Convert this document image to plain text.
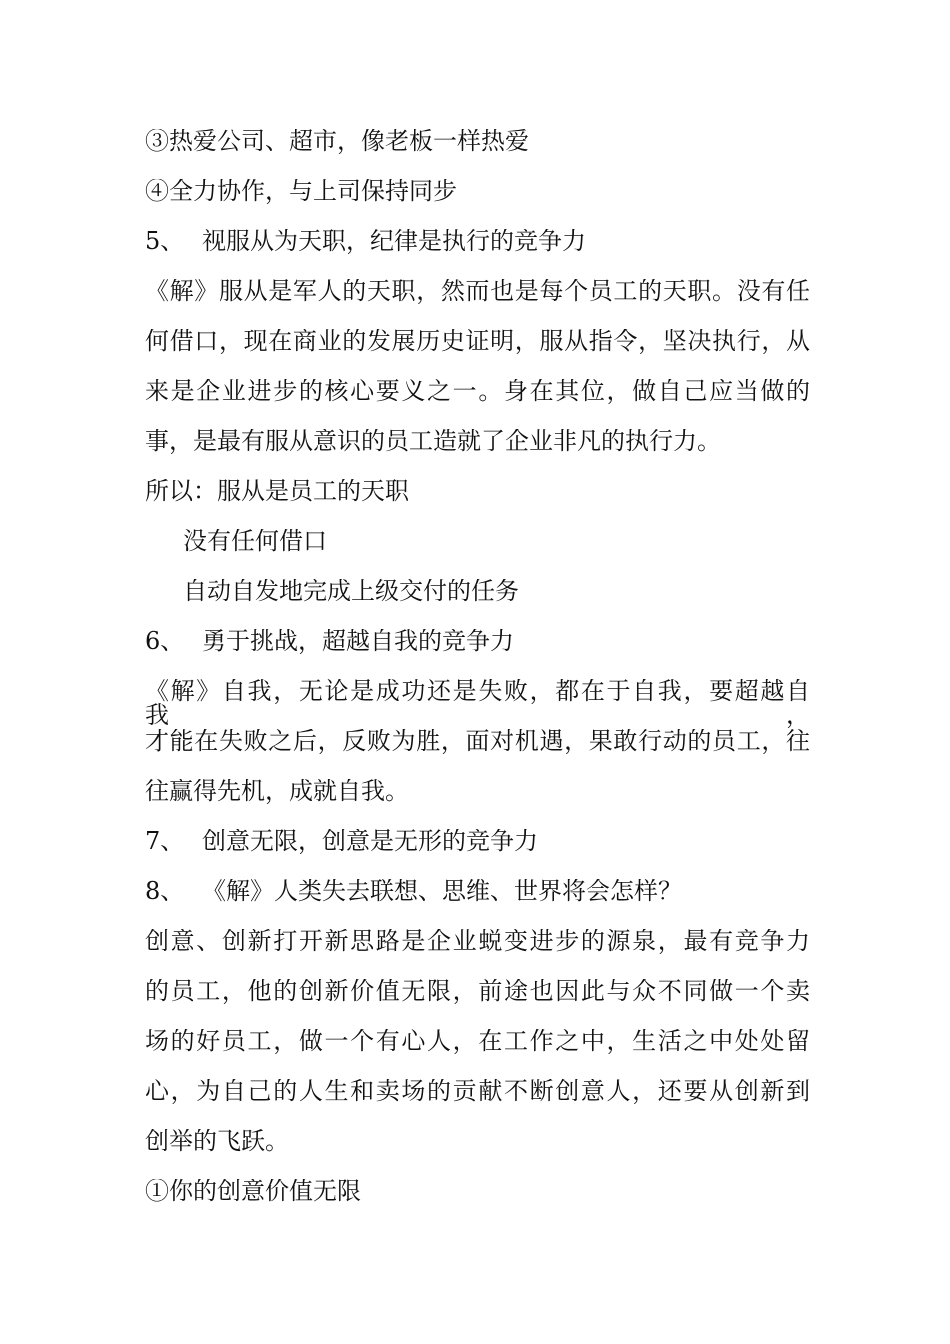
③热爱公司、超市，像老板一样热爱
④全力协作，与上司保持同步
5、 视服从为天职，纪律是执行的竞争力
《解》服从是军人的天职，然而也是每个员工的天职。没有任
何借口，现在商业的发展历史证明，服从指令，坚决执行，从
来是企业进步的核心要义之一。身在其位，做自己应当做的
事，是最有服从意识的员工造就了企业非凡的执行力。
所以：服从是员工的天职
没有任何借口
自动自发地完成上级交付的任务
6、 勇于挑战，超越自我的竞争力
《解》自我，无论是成功还是失败，都在于自我，要超越自我，
才能在失败之后，反败为胜，面对机遇，果敢行动的员工，往
往赢得先机，成就自我。
7、 创意无限，创意是无形的竞争力
8、 《解》人类失去联想、思维、世界将会怎样？
创意、创新打开新思路是企业蜕变进步的源泉，最有竞争力
的员工，他的创新价值无限，前途也因此与众不同做一个卖
场的好员工，做一个有心人，在工作之中，生活之中处处留
心，为自己的人生和卖场的贡献不断创意人，还要从创新到
创举的飞跃。
①你的创意价值无限
